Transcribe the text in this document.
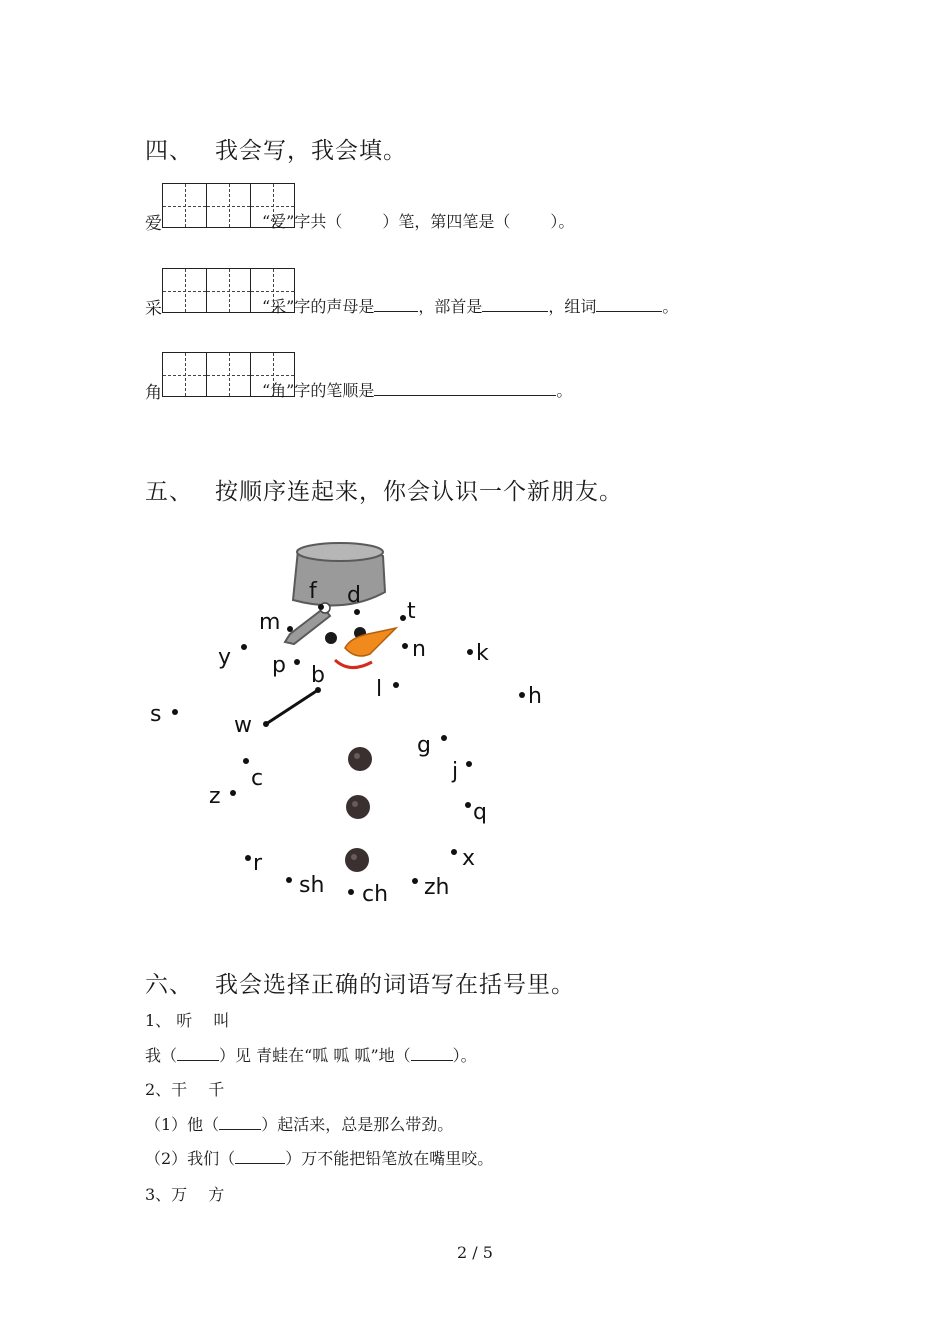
四、 我会写，我会填。
爱	“爱”字共（	）笔，第四笔是（	）。
采	“采”字的声母是	，部首是	，组词	。
角	“角”字的笔顺是	。
五、 按顺序连起来，你会认识一个新朋友。
f d
t
m
n
y p	k
b
l	h
s	w
g
j
c
z
q
r	x
sh ch zh
六、 我会选择正确的词语写在括号里。
1、 听 　叫
我（	）见 青蛙在“呱 呱 呱”地（	）。
2、干 　千
（1）他（	）起活来，总是那么带劲。
（2）我们（	）万不能把铅笔放在嘴里咬。
3、万 　方
2 / 5
